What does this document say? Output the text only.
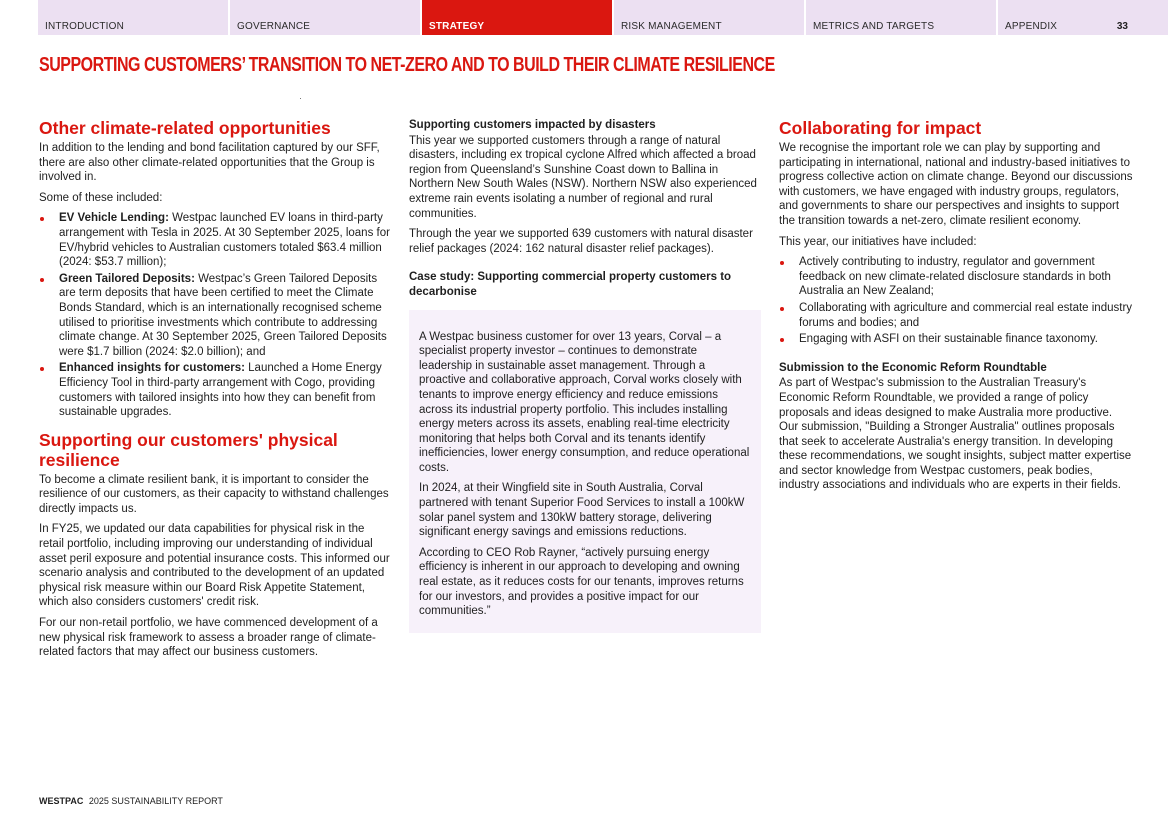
INTRODUCTION	GOVERNANCE	STRATEGY	RISK MANAGEMENT	METRICS AND TARGETS	APPENDIX	33
SUPPORTING CUSTOMERS’ TRANSITION TO NET-ZERO AND TO BUILD THEIR CLIMATE RESILIENCE
Other climate-related opportunities

In addition to the lending and bond facilitation captured by our SFF, there are also other climate-related opportunities that the Group is involved in.

Some of these included:

EV Vehicle Lending: Westpac launched EV loans in third-party arrangement with Tesla in 2025. At 30 September 2025, loans for EV/hybrid vehicles to Australian customers totaled $63.4 million (2024: $53.7 million);
Green Tailored Deposits: Westpac’s Green Tailored Deposits are term deposits that have been certified to meet the Climate Bonds Standard, which is an internationally recognised scheme utilised to prioritise investments which contribute to addressing climate change. At 30 September 2025, Green Tailored Deposits were $1.7 billion (2024: $2.0 billion); and
Enhanced insights for customers: Launched a Home Energy Efficiency Tool in third-party arrangement with Cogo, providing customers with tailored insights into how they can benefit from sustainable upgrades.
Supporting our customers' physical resilience

To become a climate resilient bank, it is important to consider the resilience of our customers, as their capacity to withstand challenges directly impacts us.

In FY25, we updated our data capabilities for physical risk in the retail portfolio, including improving our understanding of individual asset peril exposure and potential insurance costs. This informed our scenario analysis and contributed to the development of an updated physical risk measure within our Board Risk Appetite Statement, which also considers customers' credit risk.

For our non-retail portfolio, we have commenced development of a new physical risk framework to assess a broader range of climate-related factors that may affect our business customers.

Supporting customers impacted by disasters

This year we supported customers through a range of natural disasters, including ex tropical cyclone Alfred which affected a broad region from Queensland’s Sunshine Coast down to Ballina in Northern New South Wales (NSW). Northern NSW also experienced extreme rain events isolating a number of regional and rural communities.

Through the year we supported 639 customers with natural disaster relief packages (2024: 162 natural disaster relief packages).

Case study: Supporting commercial property customers to decarbonise

A Westpac business customer for over 13 years, Corval – a specialist property investor – continues to demonstrate leadership in sustainable asset management. Through a proactive and collaborative approach, Corval works closely with tenants to improve energy efficiency and reduce emissions across its industrial property portfolio. This includes installing energy meters across its assets, enabling real-time electricity monitoring that helps both Corval and its tenants identify inefficiencies, lower energy consumption, and reduce operational costs.

In 2024, at their Wingfield site in South Australia, Corval partnered with tenant Superior Food Services to install a 100kW solar panel system and 130kW battery storage, delivering significant energy savings and emissions reductions.

According to CEO Rob Rayner, “actively pursuing energy efficiency is inherent in our approach to developing and owning real estate, as it reduces costs for our tenants, improves returns for our investors, and provides a positive impact for our communities.”

Collaborating for impact

We recognise the important role we can play by supporting and participating in international, national and industry-based initiatives to progress collective action on climate change. Beyond our discussions with customers, we have engaged with industry groups, regulators, and governments to share our perspectives and insights to support the transition towards a net-zero, climate resilient economy.

This year, our initiatives have included:

Actively contributing to industry, regulator and government feedback on new climate-related disclosure standards in both Australia an New Zealand;
Collaborating with agriculture and commercial real estate industry forums and bodies; and
Engaging with ASFI on their sustainable finance taxonomy.
Submission to the Economic Reform Roundtable

As part of Westpac's submission to the Australian Treasury's Economic Reform Roundtable, we provided a range of policy proposals and ideas designed to make Australia more productive. Our submission, "Building a Stronger Australia" outlines proposals that seek to accelerate Australia's energy transition. In developing these recommendations, we sought insights, subject matter expertise and sector knowledge from Westpac customers, peak bodies, industry associations and individuals who are experts in their fields.

WESTPAC 2025 SUSTAINABILITY REPORT
